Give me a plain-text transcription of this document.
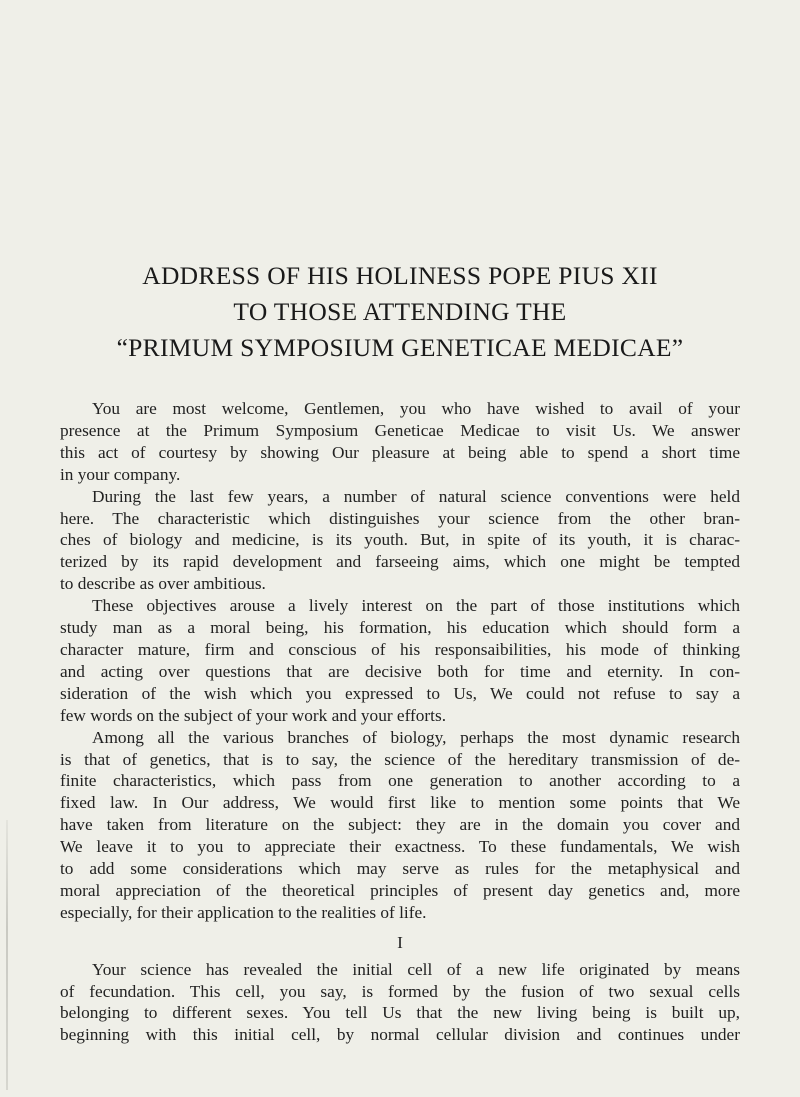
ADDRESS OF HIS HOLINESS POPE PIUS XII
TO THOSE ATTENDING THE
“PRIMUM SYMPOSIUM GENETICAE MEDICAE”
You are most welcome, Gentlemen, you who have wished to avail of your
presence at the Primum Symposium Geneticae Medicae to visit Us. We answer
this act of courtesy by showing Our pleasure at being able to spend a short time
in your company.
During the last few years, a number of natural science conventions were held
here. The characteristic which distinguishes your science from the other bran-
ches of biology and medicine, is its youth. But, in spite of its youth, it is charac-
terized by its rapid development and farseeing aims, which one might be tempted
to describe as over ambitious.
These objectives arouse a lively interest on the part of those institutions which
study man as a moral being, his formation, his education which should form a
character mature, firm and conscious of his responsaibilities, his mode of thinking
and acting over questions that are decisive both for time and eternity. In con-
sideration of the wish which you expressed to Us, We could not refuse to say a
few words on the subject of your work and your efforts.
Among all the various branches of biology, perhaps the most dynamic research
is that of genetics, that is to say, the science of the hereditary transmission of de-
finite characteristics, which pass from one generation to another according to a
fixed law. In Our address, We would first like to mention some points that We
have taken from literature on the subject: they are in the domain you cover and
We leave it to you to appreciate their exactness. To these fundamentals, We wish
to add some considerations which may serve as rules for the metaphysical and
moral appreciation of the theoretical principles of present day genetics and, more
especially, for their application to the realities of life.
I
Your science has revealed the initial cell of a new life originated by means
of fecundation. This cell, you say, is formed by the fusion of two sexual cells
belonging to different sexes. You tell Us that the new living being is built up,
beginning with this initial cell, by normal cellular division and continues under
